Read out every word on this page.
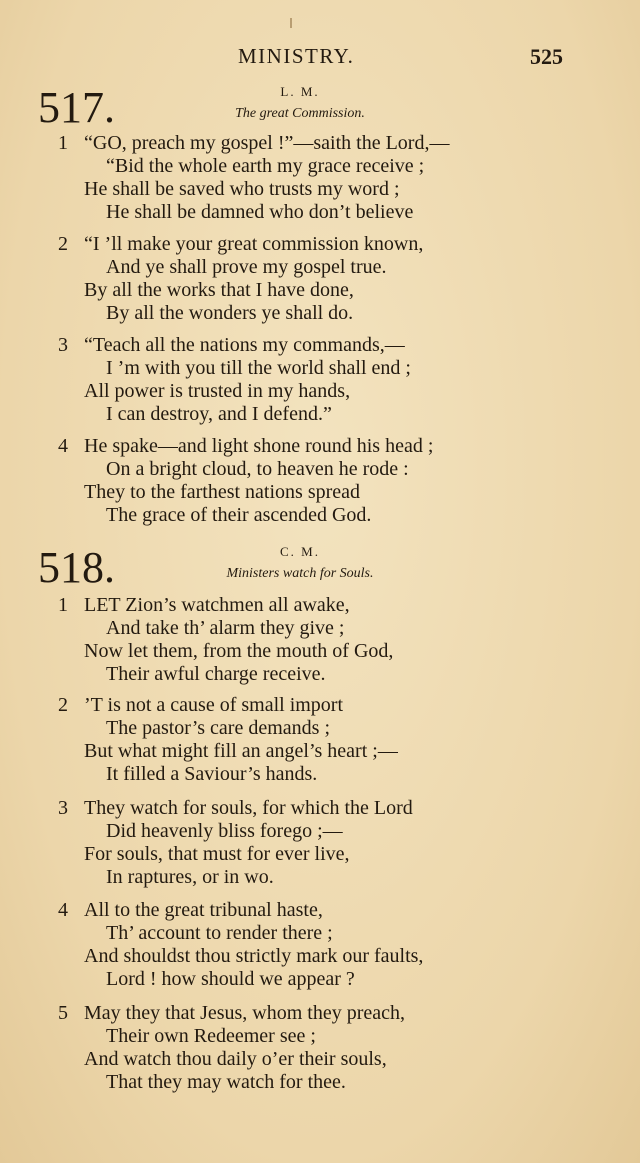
MINISTRY.	525
517.	L. M.
The great Commission.
1 “GO, preach my gospel !”—saith the Lord,—
“Bid the whole earth my grace receive ;
He shall be saved who trusts my word ;
He shall be damned who don’t believe
2 “I ’ll make your great commission known,
And ye shall prove my gospel true.
By all the works that I have done,
By all the wonders ye shall do.
3 “Teach all the nations my commands,—
I ’m with you till the world shall end ;
All power is trusted in my hands,
I can destroy, and I defend.”
4 He spake—and light shone round his head ;
On a bright cloud, to heaven he rode :
They to the farthest nations spread
The grace of their ascended God.
518.	C. M.
Ministers watch for Souls.
1 LET Zion’s watchmen all awake,
And take th’ alarm they give ;
Now let them, from the mouth of God,
Their awful charge receive.
2 ’T is not a cause of small import
The pastor’s care demands ;
But what might fill an angel’s heart ;—
It filled a Saviour’s hands.
3 They watch for souls, for which the Lord
Did heavenly bliss forego ;—
For souls, that must for ever live,
In raptures, or in wo.
4 All to the great tribunal haste,
Th’ account to render there ;
And shouldst thou strictly mark our faults,
Lord ! how should we appear ?
5 May they that Jesus, whom they preach,
Their own Redeemer see ;
And watch thou daily o’er their souls,
That they may watch for thee.
